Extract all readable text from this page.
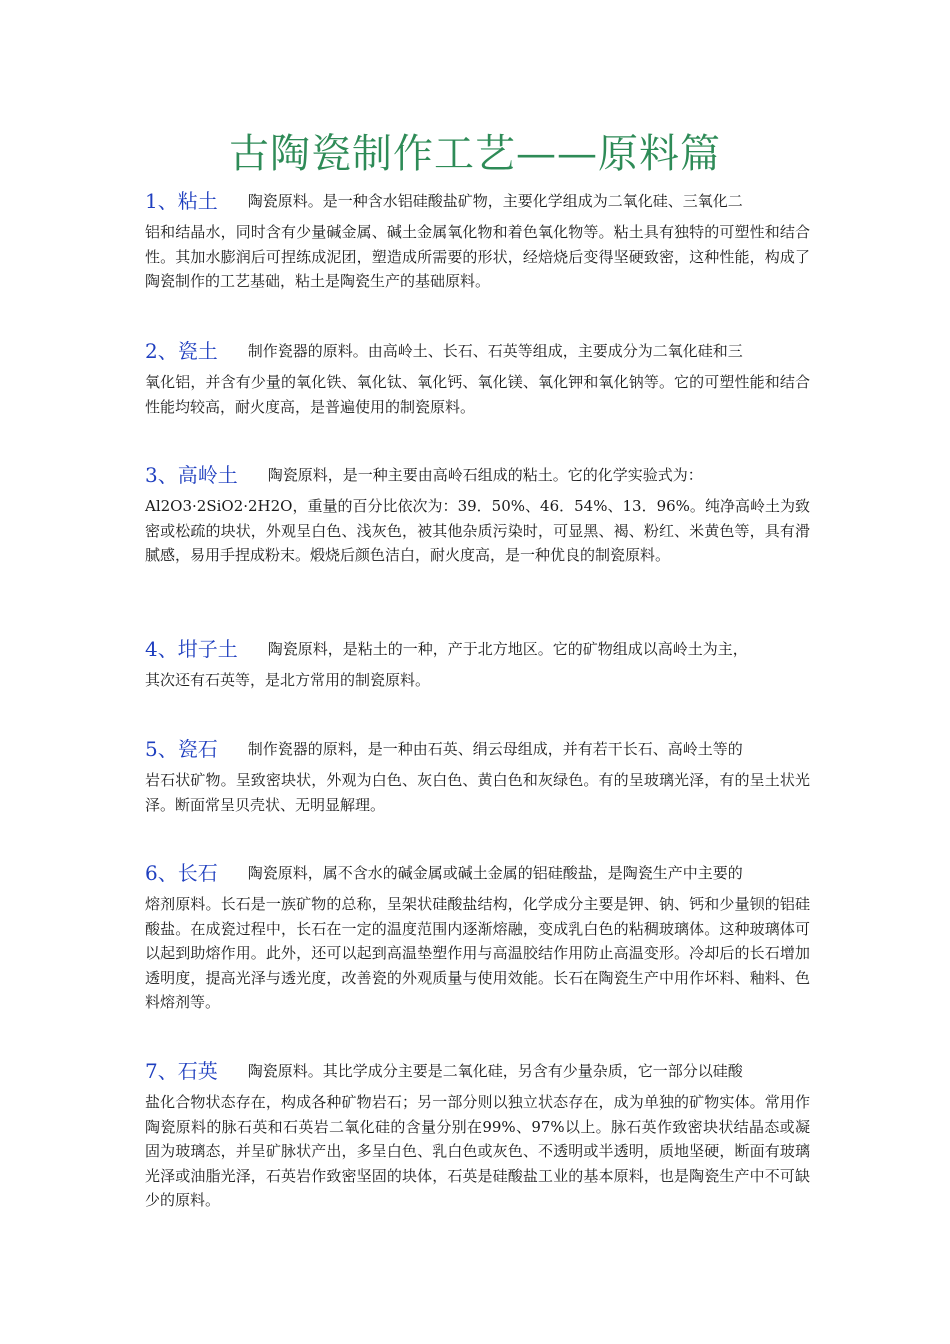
古陶瓷制作工艺——原料篇
1、粘土 陶瓷原料。是一种含水铝硅酸盐矿物，主要化学组成为二氧化硅、三氧化二
铝和结晶水，同时含有少量碱金属、碱土金属氧化物和着色氧化物等。粘土具有独特的可塑性和结合性。其加水膨润后可捏练成泥团，塑造成所需要的形状，经焙烧后变得坚硬致密，这种性能，构成了陶瓷制作的工艺基础，粘土是陶瓷生产的基础原料。
2、瓷土 制作瓷器的原料。由高岭土、长石、石英等组成，主要成分为二氧化硅和三
氧化铝，并含有少量的氧化铁、氧化钛、氧化钙、氧化镁、氧化钾和氧化钠等。它的可塑性能和结合性能均较高，耐火度高，是普遍使用的制瓷原料。
3、高岭土 陶瓷原料，是一种主要由高岭石组成的粘土。它的化学实验式为：
Al2O3·2SiO2·2H2O，重量的百分比依次为：39．50%、46．54%、13．96%。纯净高岭土为致密或松疏的块状，外观呈白色、浅灰色，被其他杂质污染时，可显黑、褐、粉红、米黄色等，具有滑腻感，易用手捏成粉末。煅烧后颜色洁白，耐火度高，是一种优良的制瓷原料。
4、坩子土 陶瓷原料，是粘土的一种，产于北方地区。它的矿物组成以高岭土为主，
其次还有石英等，是北方常用的制瓷原料。
5、瓷石 制作瓷器的原料，是一种由石英、绢云母组成，并有若干长石、高岭土等的
岩石状矿物。呈致密块状，外观为白色、灰白色、黄白色和灰绿色。有的呈玻璃光泽，有的呈土状光泽。断面常呈贝壳状、无明显解理。
6、长石 陶瓷原料，属不含水的碱金属或碱土金属的铝硅酸盐，是陶瓷生产中主要的
熔剂原料。长石是一族矿物的总称，呈架状硅酸盐结构，化学成分主要是钾、钠、钙和少量钡的铝硅酸盐。在成瓷过程中，长石在一定的温度范围内逐渐熔融，变成乳白色的粘稠玻璃体。这种玻璃体可以起到助熔作用。此外，还可以起到高温垫塑作用与高温胶结作用防止高温变形。冷却后的长石增加透明度，提高光泽与透光度，改善瓷的外观质量与使用效能。长石在陶瓷生产中用作坏料、釉料、色料熔剂等。
7、石英 陶瓷原料。其比学成分主要是二氧化硅，另含有少量杂质，它一部分以硅酸
盐化合物状态存在，构成各种矿物岩石；另一部分则以独立状态存在，成为单独的矿物实体。常用作陶瓷原料的脉石英和石英岩二氧化硅的含量分别在99%、97%以上。脉石英作致密块状结晶态或凝固为玻璃态，并呈矿脉状产出，多呈白色、乳白色或灰色、不透明或半透明，质地坚硬，断面有玻璃光泽或油脂光泽，石英岩作致密坚固的块体，石英是硅酸盐工业的基本原料，也是陶瓷生产中不可缺少的原料。
